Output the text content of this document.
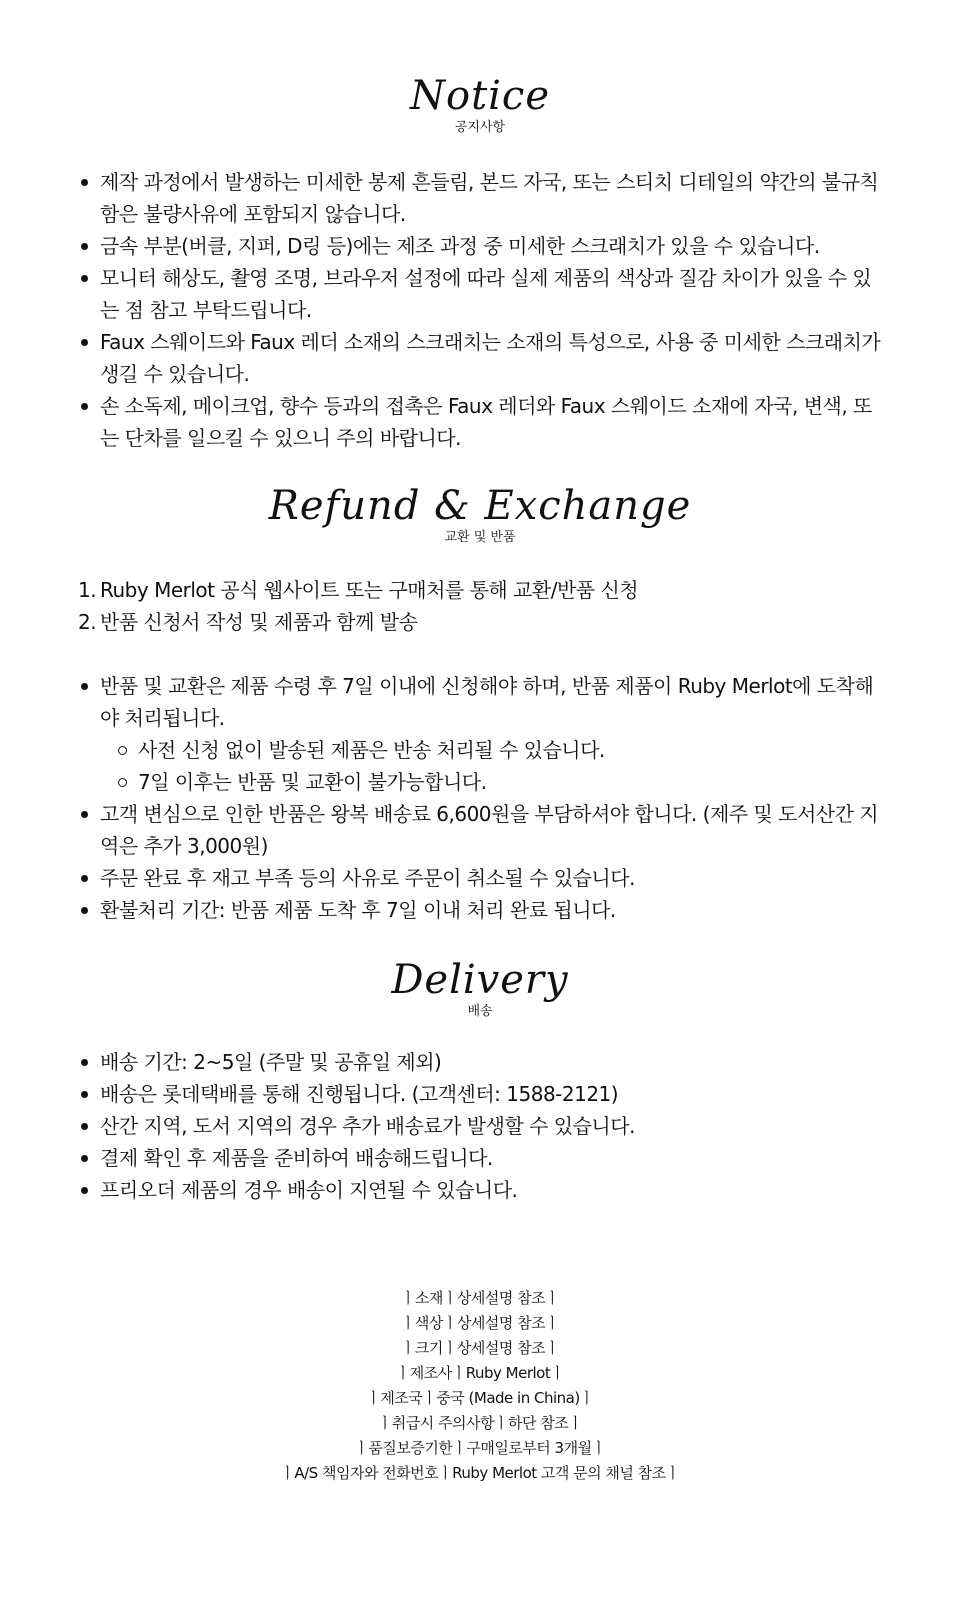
Notice
공지사항
제작 과정에서 발생하는 미세한 봉제 흔들림, 본드 자국, 또는 스티치 디테일의 약간의 불규칙함은 불량사유에 포함되지 않습니다.
금속 부분(버클, 지퍼, D링 등)에는 제조 과정 중 미세한 스크래치가 있을 수 있습니다.
모니터 해상도, 촬영 조명, 브라우저 설정에 따라 실제 제품의 색상과 질감 차이가 있을 수 있는 점 참고 부탁드립니다.
Faux 스웨이드와 Faux 레더 소재의 스크래치는 소재의 특성으로, 사용 중 미세한 스크래치가 생길 수 있습니다.
손 소독제, 메이크업, 향수 등과의 접촉은 Faux 레더와 Faux 스웨이드 소재에 자국, 변색, 또는 단차를 일으킬 수 있으니 주의 바랍니다.
Refund & Exchange
교환 및 반품
1. Ruby Merlot 공식 웹사이트 또는 구매처를 통해 교환/반품 신청
2. 반품 신청서 작성 및 제품과 함께 발송
반품 및 교환은 제품 수령 후 7일 이내에 신청해야 하며, 반품 제품이 Ruby Merlot에 도착해야 처리됩니다.
사전 신청 없이 발송된 제품은 반송 처리될 수 있습니다.
7일 이후는 반품 및 교환이 불가능합니다.
고객 변심으로 인한 반품은 왕복 배송료 6,600원을 부담하셔야 합니다. (제주 및 도서산간 지역은 추가 3,000원)
주문 완료 후 재고 부족 등의 사유로 주문이 취소될 수 있습니다.
환불처리 기간: 반품 제품 도착 후 7일 이내 처리 완료 됩니다.
Delivery
배송
배송 기간: 2~5일 (주말 및 공휴일 제외)
배송은 롯데택배를 통해 진행됩니다. (고객센터: 1588-2121)
산간 지역, 도서 지역의 경우 추가 배송료가 발생할 수 있습니다.
결제 확인 후 제품을 준비하여 배송해드립니다.
프리오더 제품의 경우 배송이 지연될 수 있습니다.
ㅣ소재ㅣ상세설명 참조ㅣ
ㅣ색상ㅣ상세설명 참조ㅣ
ㅣ크기ㅣ상세설명 참조ㅣ
ㅣ제조사ㅣRuby Merlotㅣ
ㅣ제조국ㅣ중국 (Made in China)ㅣ
ㅣ취급시 주의사항ㅣ하단 참조ㅣ
ㅣ품질보증기한ㅣ구매일로부터 3개월ㅣ
ㅣA/S 책임자와 전화번호ㅣRuby Merlot 고객 문의 채널 참조ㅣ
